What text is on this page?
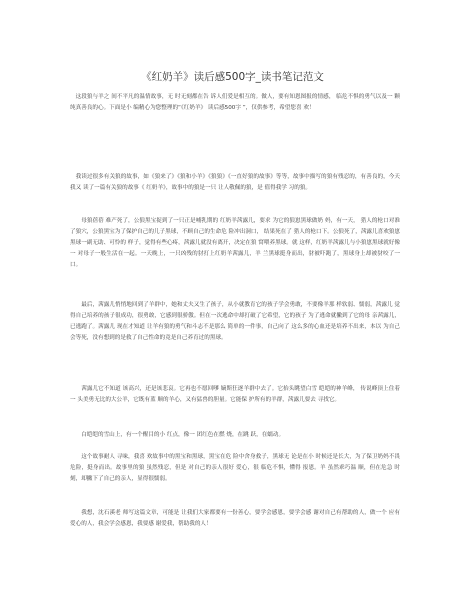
《红奶羊》读后感500字_读书笔记范文

这段狼与羊之 间不平凡的温情故事，无 时无刻都在告 诉人们爱是相互的。做人，要有知恩图报的情感， 临危不惧的勇气以及一 颗纯真善良的心。下面是小 编精心为您整理的“《红奶羊》 读后感500字 ”，仅供参考，希望您喜 欢！

我读过很多有关狼的故事，如《狼来了》《狼和小羊》《狼狼》《一直好狼的故事》等等，故事中描写的狼有残忍的，有善良的，今天我又 读了一篇有关狼的故事《 红奶羊》，故事中的狼是一只 让人敬佩的狼，是 值得我学 习的狼。

母狼蓓蓓 难产死了，公狼黑宝捉到了一只正是哺乳期的 红奶羊茜露儿，要求 为它的狼崽黑球做奶 妈，有一天， 猎人的枪口对准了狼穴，公狼黑宝为了保护自己的儿子黑球，不顾自己的生命危 险冲出洞口， 结果死在了 猎人的枪口下。公狼死了，茜露儿喜欢狼崽黑球一副无助、可怜的 样子，觉得有些心疼，茜露儿就没有离开，决定在狼 窝喂养黑球。就 这样，红奶羊茜露儿与小狼崽黑球就好像一 对母子一般生活在一起。一天晚上，一只凶残的豺打上红奶羊茜露儿，羊 兰黑球挺身而出，豺被吓跑了，黑球身上却被豺咬了一口。

最后，茜露儿悄悄地回到了羊群中，她和丈夫又生了孩子，从小就教育它的孩子学会勇敢，不要像羊那 样软弱、懦弱，茜露儿 觉得自己培养的孩子很成功，很勇敢，它感到很骄傲。但在一次逃命中却打破了它希望，它的孩子 为了逃命就撇到了它的母 亲茜露儿，已逃跑了。茜露儿 现在才知道 让羊有狼的勇气和斗志不是那么 简单的一件事，自己向了 这么多的心血还是培养不出来，本以 为自己会等死，没有想到的是救了自己性命的竟是自己养育过的黑球。

茜露儿它不知道 该高兴，还是该悲哀。它再也不愿回嗲 嫡斯狂逐羊群中去了。它抬头眺望白雪 皑皑的神羊峰， 传说峰顶上住着一 头美勇无比的大公羊，它既有蓝 顺的羊心，又有猛兽的胆量。它能保 护所有的羊群，茜露儿要去 寻找它。

白皑皑的雪山上，有一个醒目的小 红点，像一 团红色在燃 烧，在跳 跃，在蠕动。

这个故事耐人 寻味，我喜 欢故事中的黑宝和黑球，黑宝在危 险中舍身救子，黑球无 论是在小 时候还是长大，为了保卫奶妈不畏危险，挺身而出。故事里的狼 虽然残忍，但是 对自己的亲人很好 爱心，很 临危不惧，懂得 报恩。羊 虽然乖巧温 顺，但在危急 时刻，却撇下了自己的亲人，显得很懦弱。

我想，沈石溪老 师写这篇文章，可能是 让我们大家都要有一份善心，要学会感恩，要学会感 谢对自己有帮助的人，做一个 应有爱心的人，我会学会感恩，我要感 谢爱我，帮助我的人！
